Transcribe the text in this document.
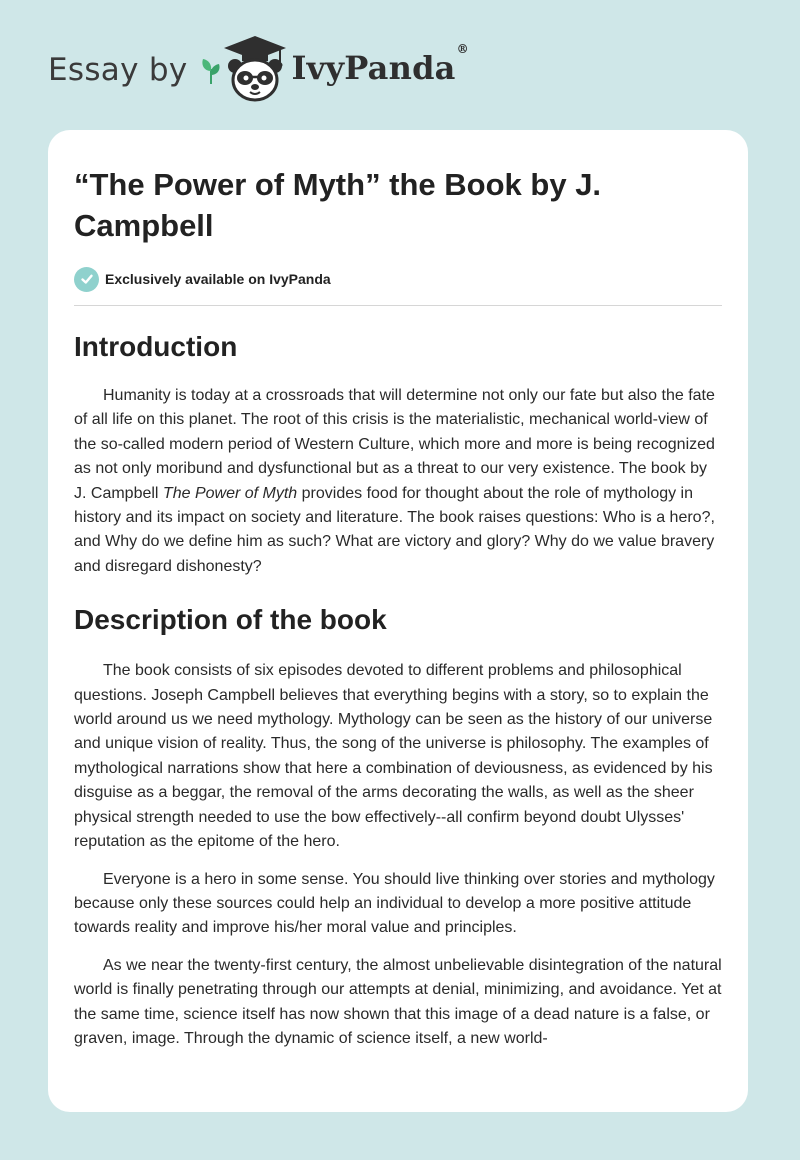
Essay by	IvyPanda®
“The Power of Myth” the Book by J. Campbell
Exclusively available on IvyPanda
Introduction

Humanity is today at a crossroads that will determine not only our fate but also the fate of all life on this planet. The root of this crisis is the materialistic, mechanical world-view of the so-called modern period of Western Culture, which more and more is being recognized as not only moribund and dysfunctional but as a threat to our very existence. The book by J. Campbell The Power of Myth provides food for thought about the role of mythology in history and its impact on society and literature. The book raises questions: Who is a hero?, and Why do we define him as such? What are victory and glory? Why do we value bravery and disregard dishonesty?

Description of the book

The book consists of six episodes devoted to different problems and philosophical questions. Joseph Campbell believes that everything begins with a story, so to explain the world around us we need mythology. Mythology can be seen as the history of our universe and unique vision of reality. Thus, the song of the universe is philosophy. The examples of mythological narrations show that here a combination of deviousness, as evidenced by his disguise as a beggar, the removal of the arms decorating the walls, as well as the sheer physical strength needed to use the bow effectively--all confirm beyond doubt Ulysses' reputation as the epitome of the hero.

Everyone is a hero in some sense. You should live thinking over stories and mythology because only these sources could help an individual to develop a more positive attitude towards reality and improve his/her moral value and principles.

As we near the twenty-first century, the almost unbelievable disintegration of the natural world is finally penetrating through our attempts at denial, minimizing, and avoidance. Yet at the same time, science itself has now shown that this image of a dead nature is a false, or graven, image. Through the dynamic of science itself, a new world-
